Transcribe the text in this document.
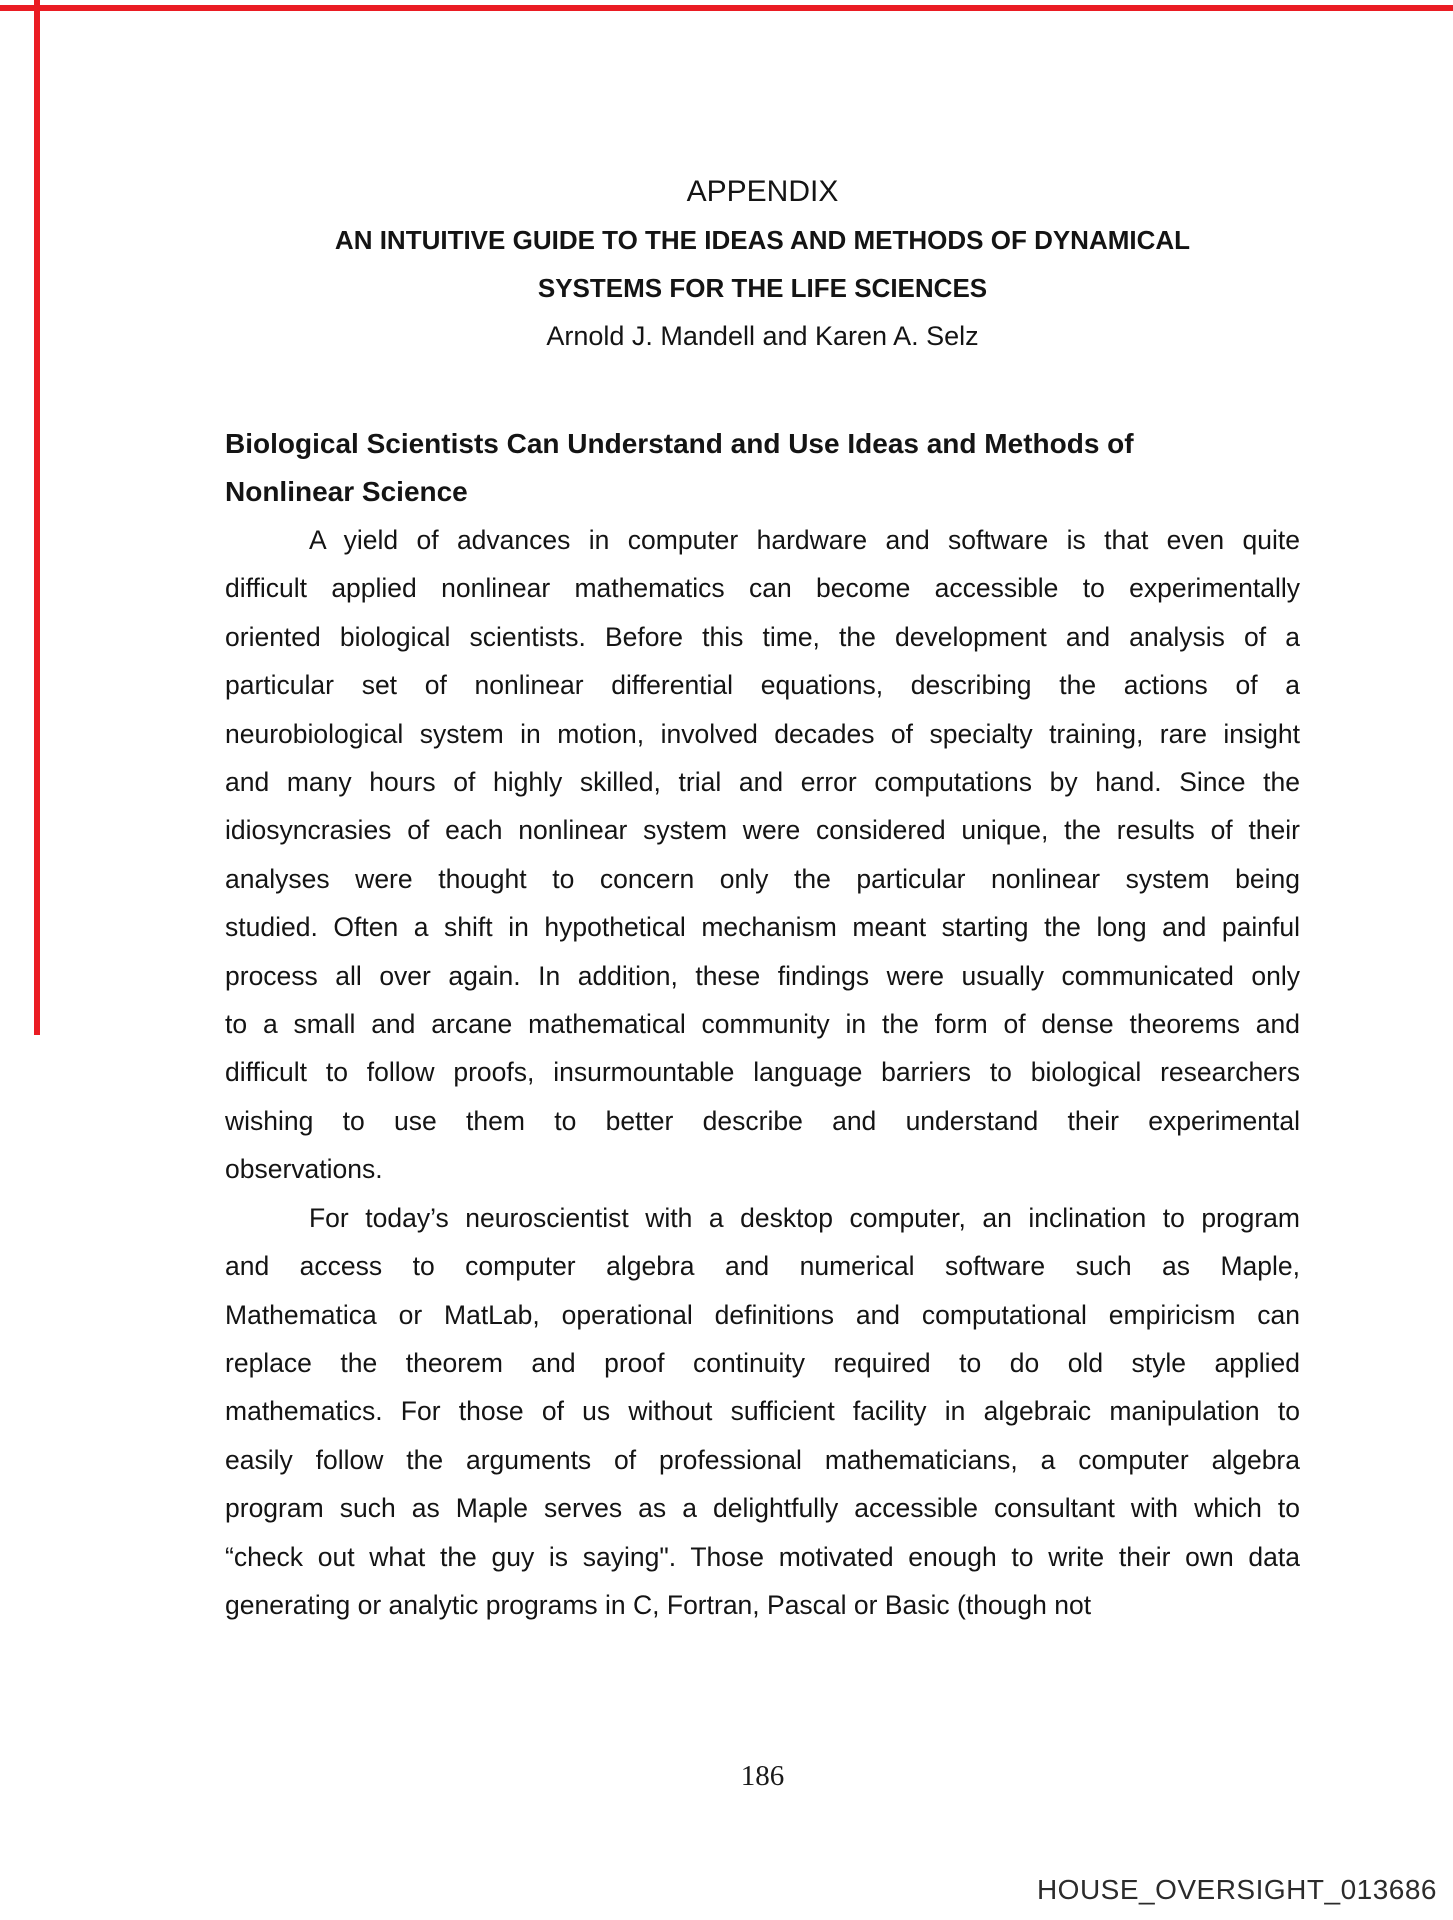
APPENDIX
AN INTUITIVE GUIDE TO THE IDEAS AND METHODS OF DYNAMICAL
SYSTEMS FOR THE LIFE SCIENCES
Arnold J. Mandell and Karen A. Selz
Biological Scientists Can Understand and Use Ideas and Methods of
Nonlinear Science
A yield of advances in computer hardware and software is that even quite
difficult applied nonlinear mathematics can become accessible to experimentally
oriented biological scientists. Before this time, the development and analysis of a
particular set of nonlinear differential equations, describing the actions of a
neurobiological system in motion, involved decades of specialty training, rare insight
and many hours of highly skilled, trial and error computations by hand. Since the
idiosyncrasies of each nonlinear system were considered unique, the results of their
analyses were thought to concern only the particular nonlinear system being
studied. Often a shift in hypothetical mechanism meant starting the long and painful
process all over again. In addition, these findings were usually communicated only
to a small and arcane mathematical community in the form of dense theorems and
difficult to follow proofs, insurmountable language barriers to biological researchers
wishing to use them to better describe and understand their experimental
observations.
For today’s neuroscientist with a desktop computer, an inclination to program
and access to computer algebra and numerical software such as Maple,
Mathematica or MatLab, operational definitions and computational empiricism can
replace the theorem and proof continuity required to do old style applied
mathematics. For those of us without sufficient facility in algebraic manipulation to
easily follow the arguments of professional mathematicians, a computer algebra
program such as Maple serves as a delightfully accessible consultant with which to
“check out what the guy is saying". Those motivated enough to write their own data
generating or analytic programs in C, Fortran, Pascal or Basic (though not
186
HOUSE_OVERSIGHT_013686
